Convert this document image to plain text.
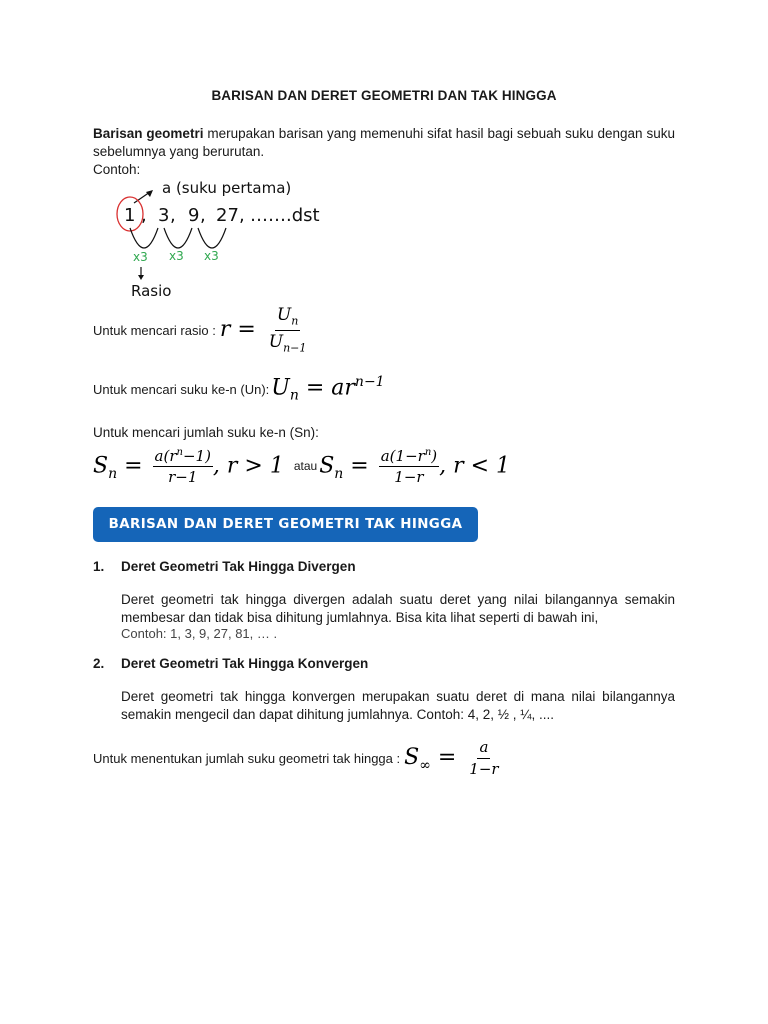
BARISAN DAN DERET GEOMETRI DAN TAK HINGGA
Barisan geometri merupakan barisan yang memenuhi sifat hasil bagi sebuah suku dengan suku sebelumnya yang berurutan.
Contoh:
a (suku pertama)
1 , 3 , 9 , 27 , …….dst
x3 x3 x3
Rasio
Untuk mencari rasio : $r = \frac{U_n}{U_{n-1}}$
Untuk mencari suku ke-n (Un): $U_n = ar^{n-1}$
Untuk mencari jumlah suku ke-n (Sn):
$S_n = \frac{a(r^n-1)}{r-1}$ , r > 1 atau $S_n = \frac{a(1-r^n)}{1-r}$ , r < 1
BARISAN DAN DERET GEOMETRI TAK HINGGA
1. Deret Geometri Tak Hingga Divergen
Deret geometri tak hingga divergen adalah suatu deret yang nilai bilangannya semakin membesar dan tidak bisa dihitung jumlahnya. Bisa kita lihat seperti di bawah ini,
Contoh: 1, 3, 9, 27, 81, … .
2. Deret Geometri Tak Hingga Konvergen
Deret geometri tak hingga konvergen merupakan suatu deret di mana nilai bilangannya semakin mengecil dan dapat dihitung jumlahnya. Contoh: 4, 2, ½ , ¼, ....
Untuk menentukan jumlah suku geometri tak hingga : $S_\infty = \frac{a}{1-r}$
